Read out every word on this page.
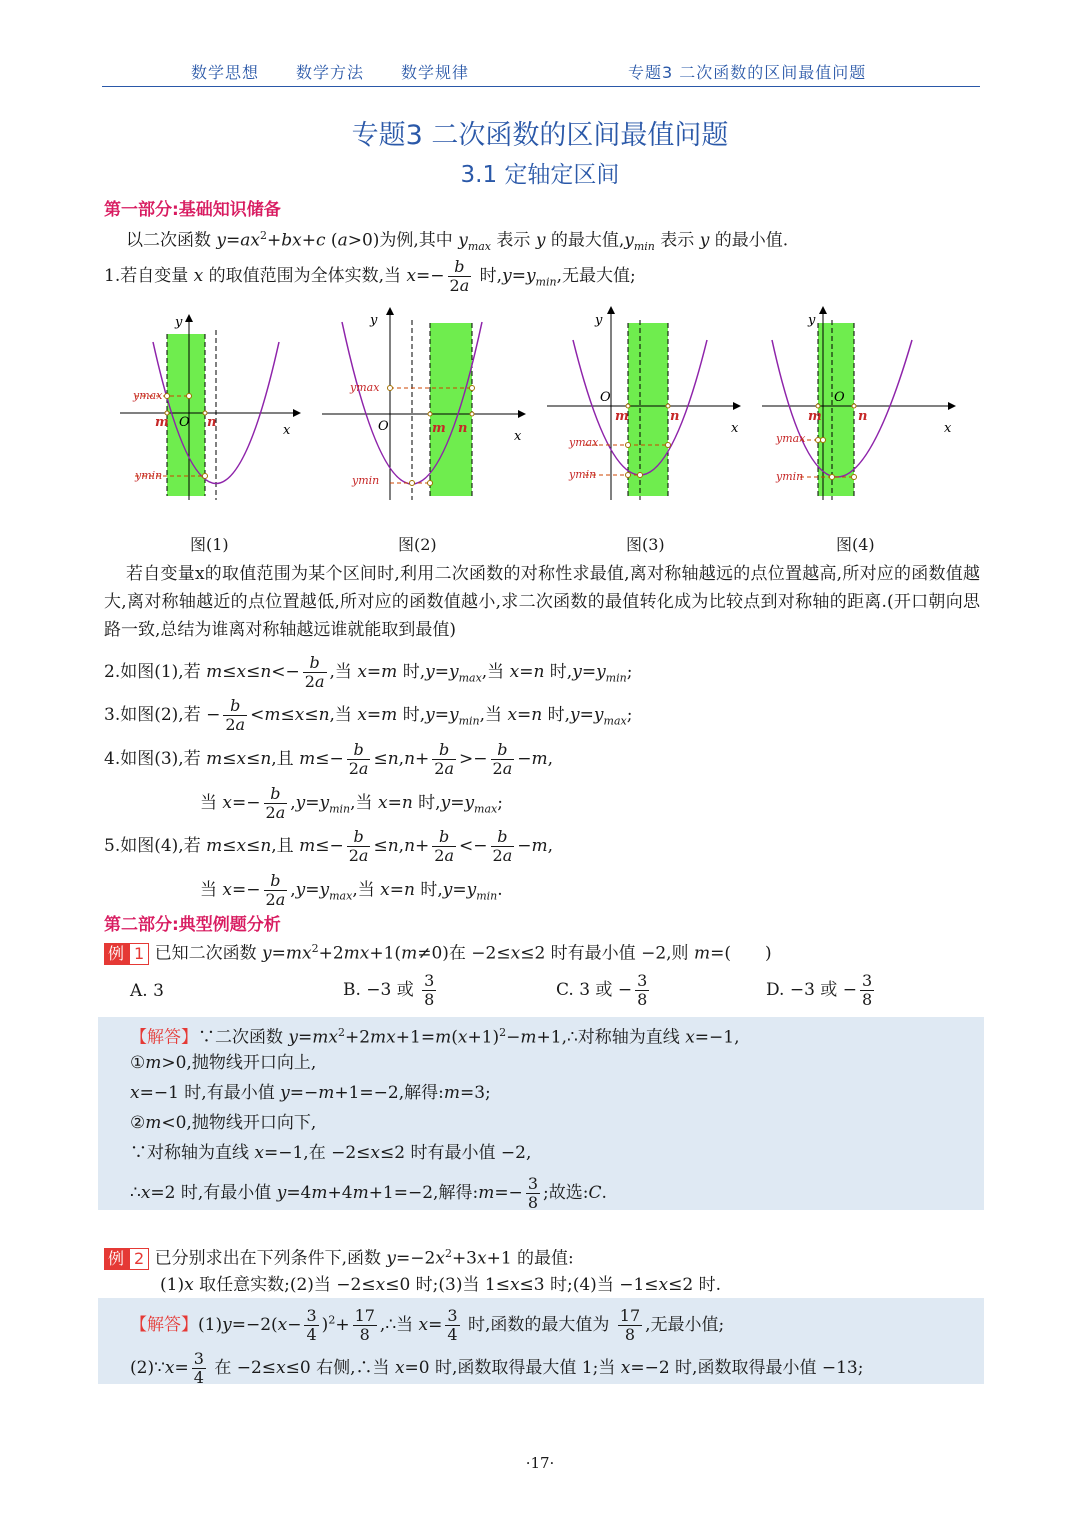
数学思想 数学方法 数学规律	专题3 二次函数的区间最值问题
专题3 二次函数的区间最值问题
3.1 定轴定区间
第一部分:基础知识储备
以二次函数 $y=ax^2+bx+c$ (a>0)为例,其中 $y_{max}$ 表示 y 的最大值$,y_{min}$ 表示 y 的最小值.
1.若自变量 x 的取值范围为全体实数,当 $x=- \frac{b}{2a}$ 时$,y=y_{min}$,无最大值;
y
x
O
m	n
ymax
ymin
y
x
O	m n
ymax
ymin
y
x
O
m	n
ymax
ymin
y
x
O
m	n
ymax
ymin
图(1)	图(2)	图(3)	图(4)
若自变量x的取值范围为某个区间时,利用二次函数的对称性求最值,离对称轴越远的点位置越高,所对应的函数值越大,离对称轴越近的点位置越低,所对应的函数值越小,求二次函数的最值转化成为比较点到对称轴的距离.(开口朝向思路一致,总结为谁离对称轴越远谁就能取到最值)
2.如图(1),若 $m\le x\le n<- \frac{b}{2a}$ ,当 x=m 时$,y=y_{max}$,当 x=n 时$,y=y_{min}$;
3.如图(2),若 − $\frac{b}{2a} <m\le x\le n$,当 x=m 时$,y=y_{min}$,当 x=n 时$,y=y_{max}$;
4.如图(3),若 m≤x≤n,且 $m\le- \frac{b}{2a} \le n,n+ \frac{b}{2a} >- \frac{b}{2a} -m$,
当 $x=- \frac{b}{2a} ,y=y_{min}$,当 x=n 时$,y=y_{max}$;
5.如图(4),若 m≤x≤n,且 $m\le- \frac{b}{2a} \le n,n+ \frac{b}{2a} <- \frac{b}{2a} -m$,
当 $x=- \frac{b}{2a} ,y=y_{max}$,当 x=n 时$,y=y_{min}$.
第二部分:典型例题分析
例 1 已知二次函数 $y=mx^2+2mx+1(m\ne 0)$在 −2≤x≤2 时有最小值 −2,则 m=(　　)
A. 3	B. −3 或 $\frac{3}{8}$	C. 3 或 − $\frac{3}{8}$	D. −3 或 − $\frac{3}{8}$
【解答】∵二次函数 $y=mx^2+2mx+1=m(x+1)^2-m+1,\therefore$对称轴为直线 x=−1,
①m>0,抛物线开口向上,
x=−1 时,有最小值 y=−m+1=−2,解得:m=3;
②m<0,抛物线开口向下,
∵对称轴为直线 x=−1,在 −2≤x≤2 时有最小值 −2,
∴x=2 时,有最小值 y=4m+4m+1=−2,解得:m=− $\frac{3}{8}$ ;故选:C.
例 2 已分别求出在下列条件下,函数 $y=-2x^2+3x+1$ 的最值:
(1)x 取任意实数;(2)当 −2≤x≤0 时;(3)当 1≤x≤3 时;(4)当 −1≤x≤2 时.
【解答】$(1)y=-2(x- \frac{3}{4} )^2+ \frac{17}{8}$ ,∴当 $x= \frac{3}{4}$ 时,函数的最大值为 $\frac{17}{8}$ ,无最小值;
(2)∵x= $\frac{3}{4}$ 在 −2≤x≤0 右侧,∴当 x=0 时,函数取得最大值 1;当 x=−2 时,函数取得最小值 −13;
·17·
